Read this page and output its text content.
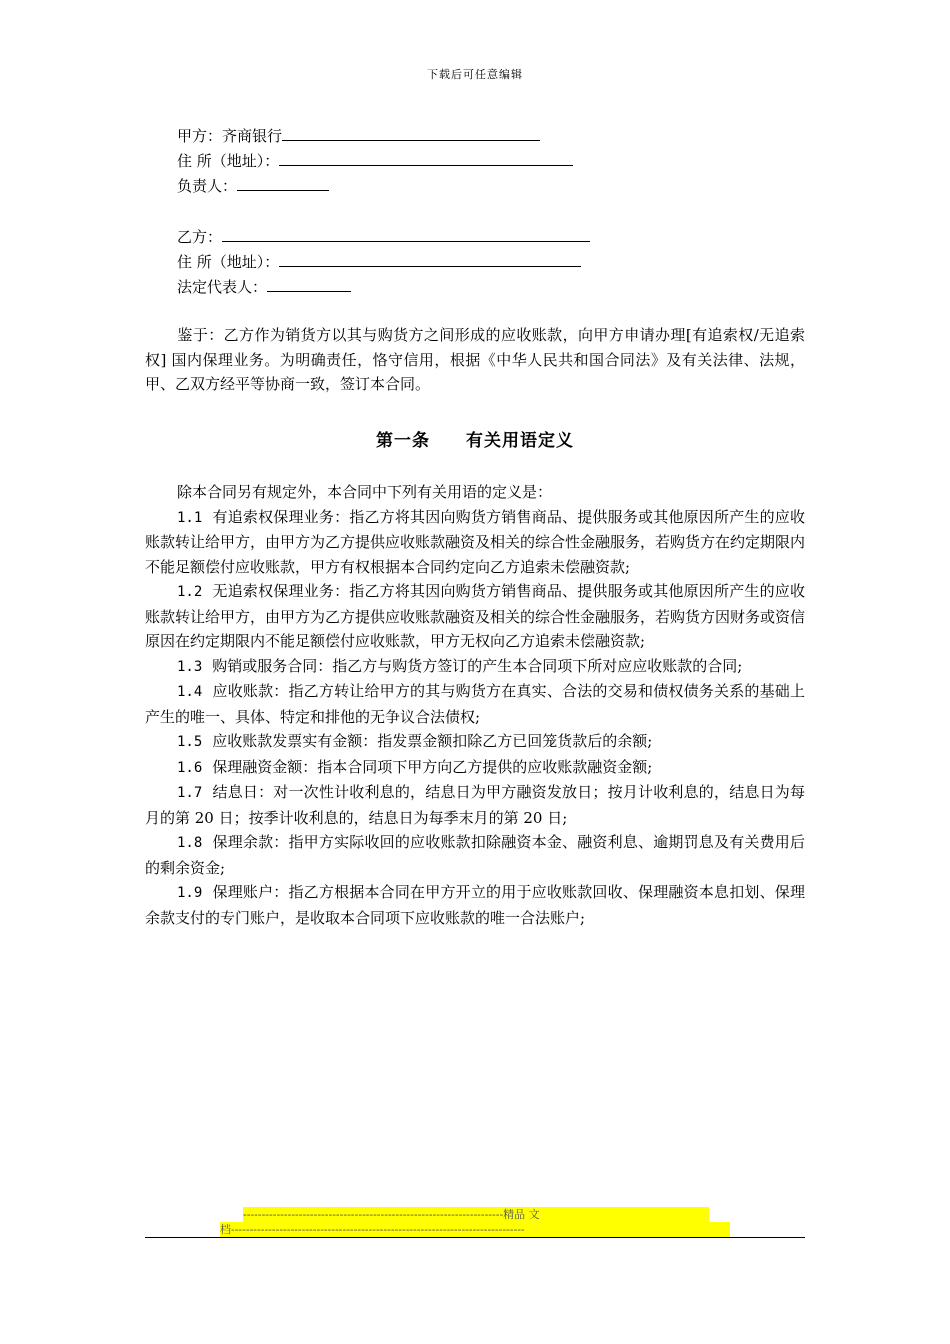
下载后可任意编辑
甲方：齐商银行
住 所（地址）：
负责人：
乙方：
住 所（地址）：
法定代表人：
鉴于：乙方作为销货方以其与购货方之间形成的应收账款，向甲方申请办理[有追索权/无追索权] 国内保理业务。为明确责任，恪守信用，根据《中华人民共和国合同法》及有关法律、法规，甲、乙双方经平等协商一致，签订本合同。
第一条 有关用语定义
除本合同另有规定外，本合同中下列有关用语的定义是：
1.1 有追索权保理业务：指乙方将其因向购货方销售商品、提供服务或其他原因所产生的应收账款转让给甲方，由甲方为乙方提供应收账款融资及相关的综合性金融服务，若购货方在约定期限内不能足额偿付应收账款，甲方有权根据本合同约定向乙方追索未偿融资款;
1.2 无追索权保理业务：指乙方将其因向购货方销售商品、提供服务或其他原因所产生的应收账款转让给甲方，由甲方为乙方提供应收账款融资及相关的综合性金融服务，若购货方因财务或资信原因在约定期限内不能足额偿付应收账款，甲方无权向乙方追索未偿融资款;
1.3 购销或服务合同：指乙方与购货方签订的产生本合同项下所对应应收账款的合同;
1.4 应收账款：指乙方转让给甲方的其与购货方在真实、合法的交易和债权债务关系的基础上产生的唯一、具体、特定和排他的无争议合法债权;
1.5 应收账款发票实有金额：指发票金额扣除乙方已回笼货款后的余额;
1.6 保理融资金额：指本合同项下甲方向乙方提供的应收账款融资金额;
1.7 结息日：对一次性计收利息的，结息日为甲方融资发放日；按月计收利息的，结息日为每月的第 20 日；按季计收利息的，结息日为每季末月的第 20 日;
1.8 保理余款：指甲方实际收回的应收账款扣除融资本金、融资利息、逾期罚息及有关费用后的剩余资金;
1.9 保理账户：指乙方根据本合同在甲方开立的用于应收账款回收、保理融资本息扣划、保理余款支付的专门账户，是收取本合同项下应收账款的唯一合法账户;
----------------------------------------------------------------------精品 文
档-------------------------------------------------------------------------------
